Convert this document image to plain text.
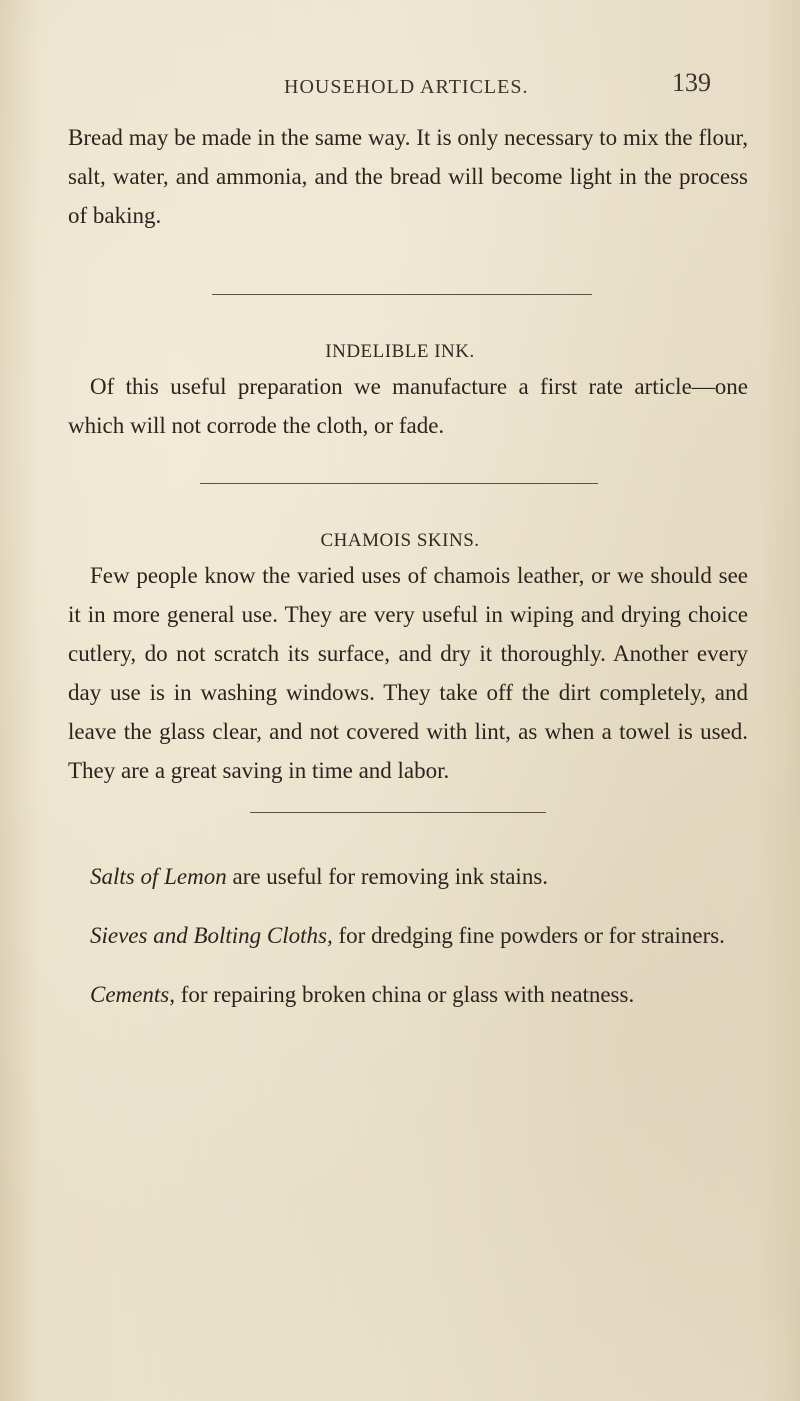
HOUSEHOLD ARTICLES.	139

Bread may be made in the same way. It is only necessary to mix the flour, salt, water, and ammonia, and the bread will become light in the process of baking.

INDELIBLE INK.

Of this useful preparation we manufacture a first rate article—one which will not corrode the cloth, or fade.

CHAMOIS SKINS.

Few people know the varied uses of chamois leather, or we should see it in more general use. They are very useful in wiping and drying choice cutlery, do not scratch its surface, and dry it thoroughly. Another every day use is in washing windows. They take off the dirt completely, and leave the glass clear, and not covered with lint, as when a towel is used. They are a great saving in time and labor.

Salts of Lemon are useful for removing ink stains.

Sieves and Bolting Cloths, for dredging fine powders or for strainers.

Cements, for repairing broken china or glass with neatness.
